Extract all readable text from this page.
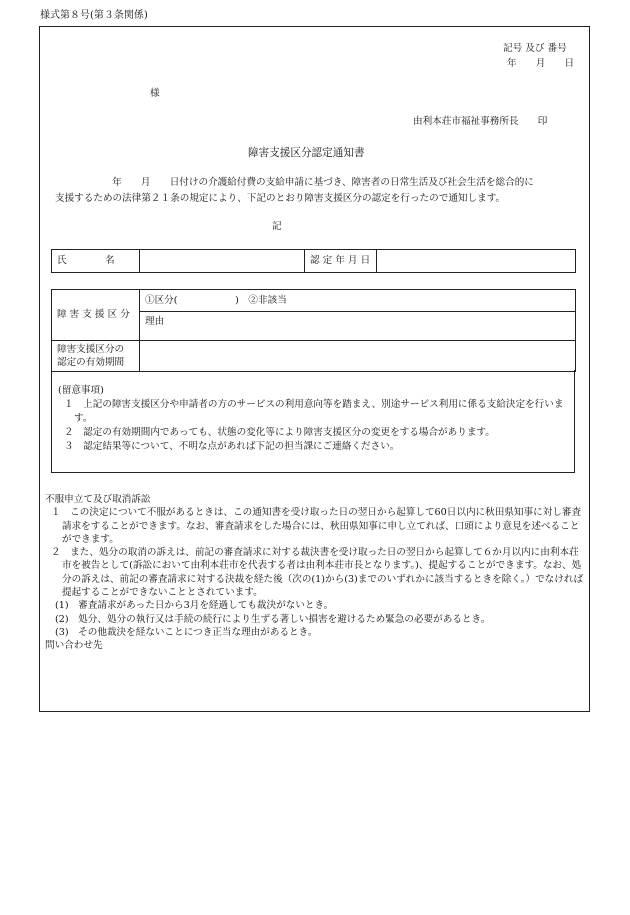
様式第８号(第３条関係)
記号 及び 番号
年　　月　　日
様
由利本荘市福祉事務所長　　印
障害支援区分認定通知書
　　　　　　　年　　月　　日付けの介護給付費の支給申請に基づき、障害者の日常生活及び社会生活を総合的に
支援するための法律第２１条の規定により、下記のとおり障害支援区分の認定を行ったので通知します。
記
氏　　　　名		認 定 年 月 日	
障 害 支 援 区 分	①区分(　　　　　　)　②非該当
	理由

障害支援区分の
認定の有効期間	

(留意事項)

１　上記の障害支援区分や申請者の方のサービスの利用意向等を踏まえ、別途サービス利用に係る支給決定を行います。

２　認定の有効期間内であっても、状態の変化等により障害支援区分の変更をする場合があります。

３　認定結果等について、不明な点があれば下記の担当課にご連絡ください。

不服申立て及び取消訴訟

１　この決定について不服があるときは、この通知書を受け取った日の翌日から起算して60日以内に秋田県知事に対し審査請求をすることができます。なお、審査請求をした場合には、秋田県知事に申し立てれば、口頭により意見を述べることができます。

２　また、処分の取消の訴えは、前記の審査請求に対する裁決書を受け取った日の翌日から起算して６か月以内に由利本荘市を被告として(訴訟において由利本荘市を代表する者は由利本荘市長となります。)、提起することができます。なお、処分の訴えは、前記の審査請求に対する決裁を経た後（次の(1)から(3)までのいずれかに該当するときを除く。）でなければ提起することができないこととされています。

(1)　審査請求があった日から3月を経過しても裁決がないとき。

(2)　処分、処分の執行又は手続の続行により生ずる著しい損害を避けるため緊急の必要があるとき。

(3)　その他裁決を経ないことにつき正当な理由があるとき。

問い合わせ先
